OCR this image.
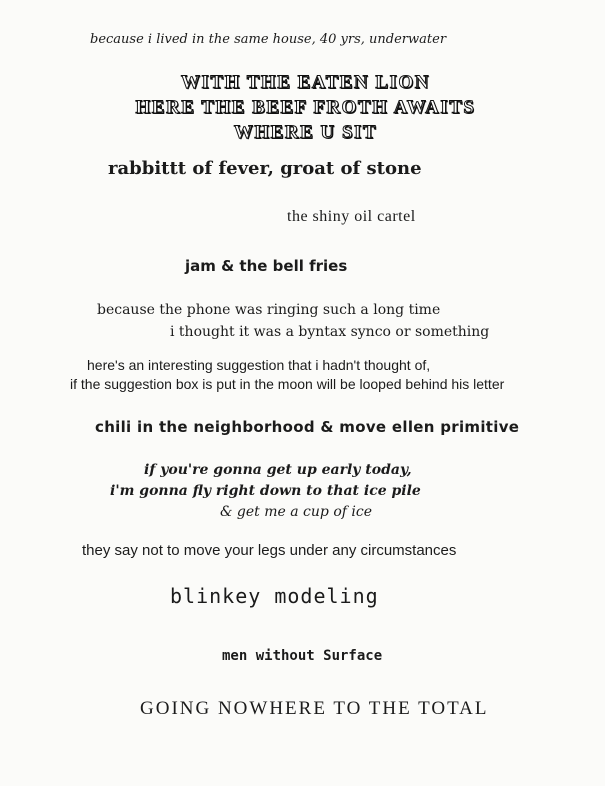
because i lived in the same house, 40 yrs, underwater
WITH THE EATEN LION
HERE THE BEEF FROTH AWAITS
WHERE U SIT
rabbittt of fever, groat of stone
the shiny oil cartel
jam & the bell fries
because the phone was ringing such a long time
i thought it was a byntax synco or something
here's an interesting suggestion that i hadn't thought of,
if the suggestion box is put in the moon will be looped behind his letter
chili in the neighborhood & move ellen primitive
if you're gonna get up early today,
i'm gonna fly right down to that ice pile
& get me a cup of ice
they say not to move your legs under any circumstances
blinkey modeling
men without Surface
GOING NOWHERE TO THE TOTAL
